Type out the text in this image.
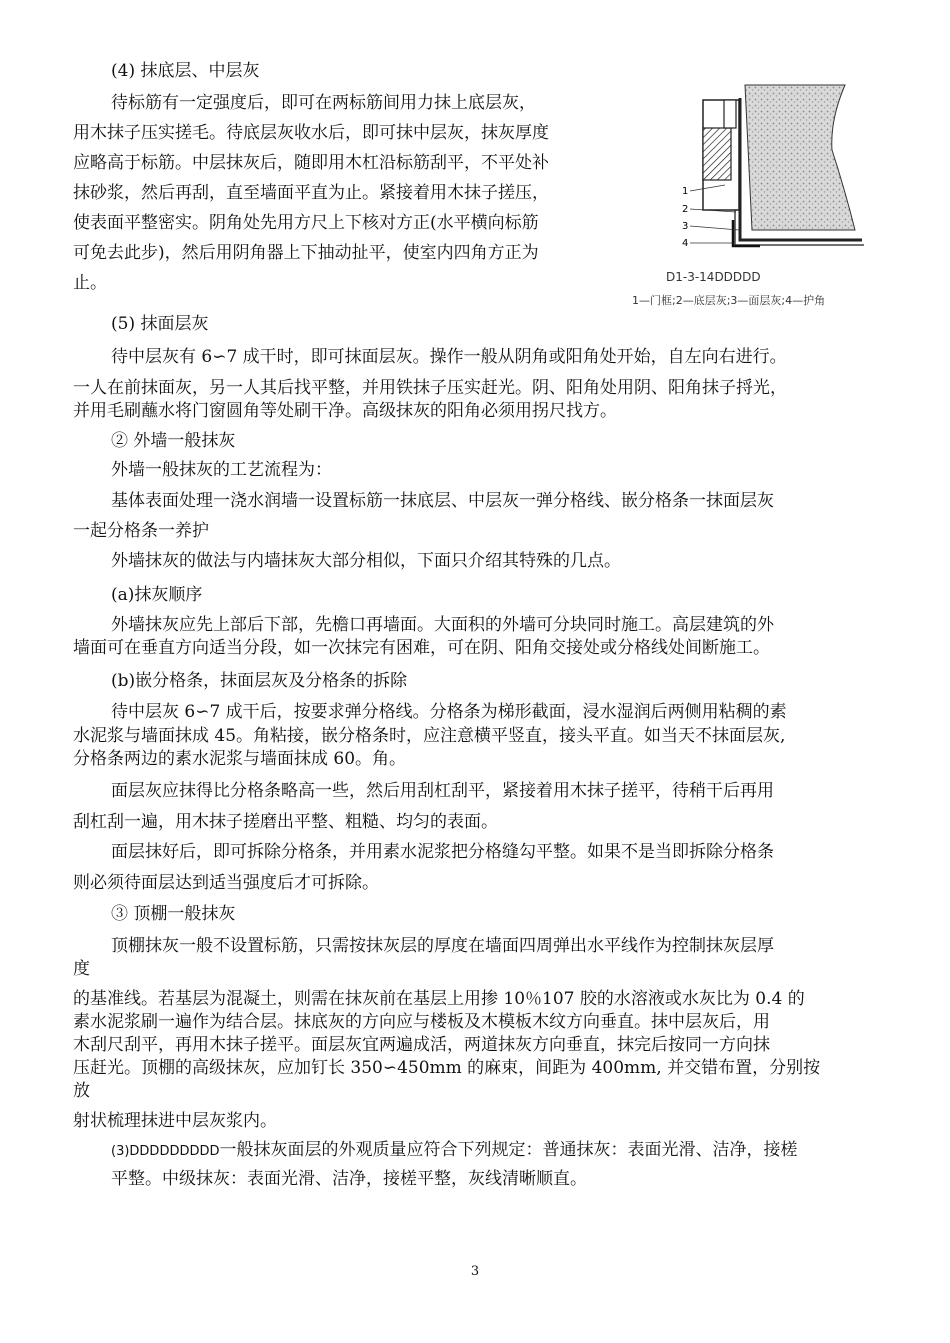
(4) 抹底层、中层灰
待标筋有一定强度后，即可在两标筋间用力抹上底层灰，
用木抹子压实搓毛。待底层灰收水后，即可抹中层灰，抹灰厚度
应略高于标筋。中层抹灰后，随即用木杠沿标筋刮平，不平处补
抹砂浆，然后再刮，直至墙面平直为止。紧接着用木抹子搓压，
使表面平整密实。阴角处先用方尺上下核对方正(水平横向标筋
可免去此步)，然后用阴角器上下抽动扯平，使室内四角方正为
止。
1
2
3
4
D1-3-14DDDDD
1—门框;2—底层灰;3—面层灰;4—护角
(5) 抹面层灰
待中层灰有 6∽7 成干时，即可抹面层灰。操作一般从阴角或阳角处开始，自左向右进行。
一人在前抹面灰，另一人其后找平整，并用铁抹子压实赶光。阴、阳角处用阴、阳角抹子捋光，
并用毛刷蘸水将门窗圆角等处刷干净。高级抹灰的阳角必须用拐尺找方。
② 外墙一般抹灰
外墙一般抹灰的工艺流程为：
基体表面处理一浇水润墙一设置标筋一抹底层、中层灰一弹分格线、嵌分格条一抹面层灰
一起分格条一养护
外墙抹灰的做法与内墙抹灰大部分相似，下面只介绍其特殊的几点。
(a)抹灰顺序
外墙抹灰应先上部后下部，先檐口再墙面。大面积的外墙可分块同时施工。高层建筑的外
墙面可在垂直方向适当分段，如一次抹完有困难，可在阴、阳角交接处或分格线处间断施工。
(b)嵌分格条，抹面层灰及分格条的拆除
待中层灰 6∽7 成干后，按要求弹分格线。分格条为梯形截面，浸水湿润后两侧用粘稠的素
水泥浆与墙面抹成 45。角粘接，嵌分格条时，应注意横平竖直，接头平直。如当天不抹面层灰,
分格条两边的素水泥浆与墙面抹成 60。角。
面层灰应抹得比分格条略高一些，然后用刮杠刮平，紧接着用木抹子搓平，待稍干后再用
刮杠刮一遍，用木抹子搓磨出平整、粗糙、均匀的表面。
面层抹好后，即可拆除分格条，并用素水泥浆把分格缝勾平整。如果不是当即拆除分格条
则必须待面层达到适当强度后才可拆除。
③ 顶棚一般抹灰
顶棚抹灰一般不设置标筋，只需按抹灰层的厚度在墙面四周弹出水平线作为控制抹灰层厚
度
的基准线。若基层为混凝土，则需在抹灰前在基层上用掺 10％107 胶的水溶液或水灰比为 0.4 的
素水泥浆刷一遍作为结合层。抹底灰的方向应与楼板及木模板木纹方向垂直。抹中层灰后，用
木刮尺刮平，再用木抹子搓平。面层灰宜两遍成活，两道抹灰方向垂直，抹完后按同一方向抹
压赶光。顶棚的高级抹灰，应加钉长 350∽450mm 的麻束，间距为 400mm, 并交错布置，分别按
放
射状梳理抹进中层灰浆内。
(3)DDDDDDDDD一般抹灰面层的外观质量应符合下列规定：普通抹灰：表面光滑、洁净，接槎
平整。中级抹灰：表面光滑、洁净，接槎平整，灰线清晰顺直。
3
